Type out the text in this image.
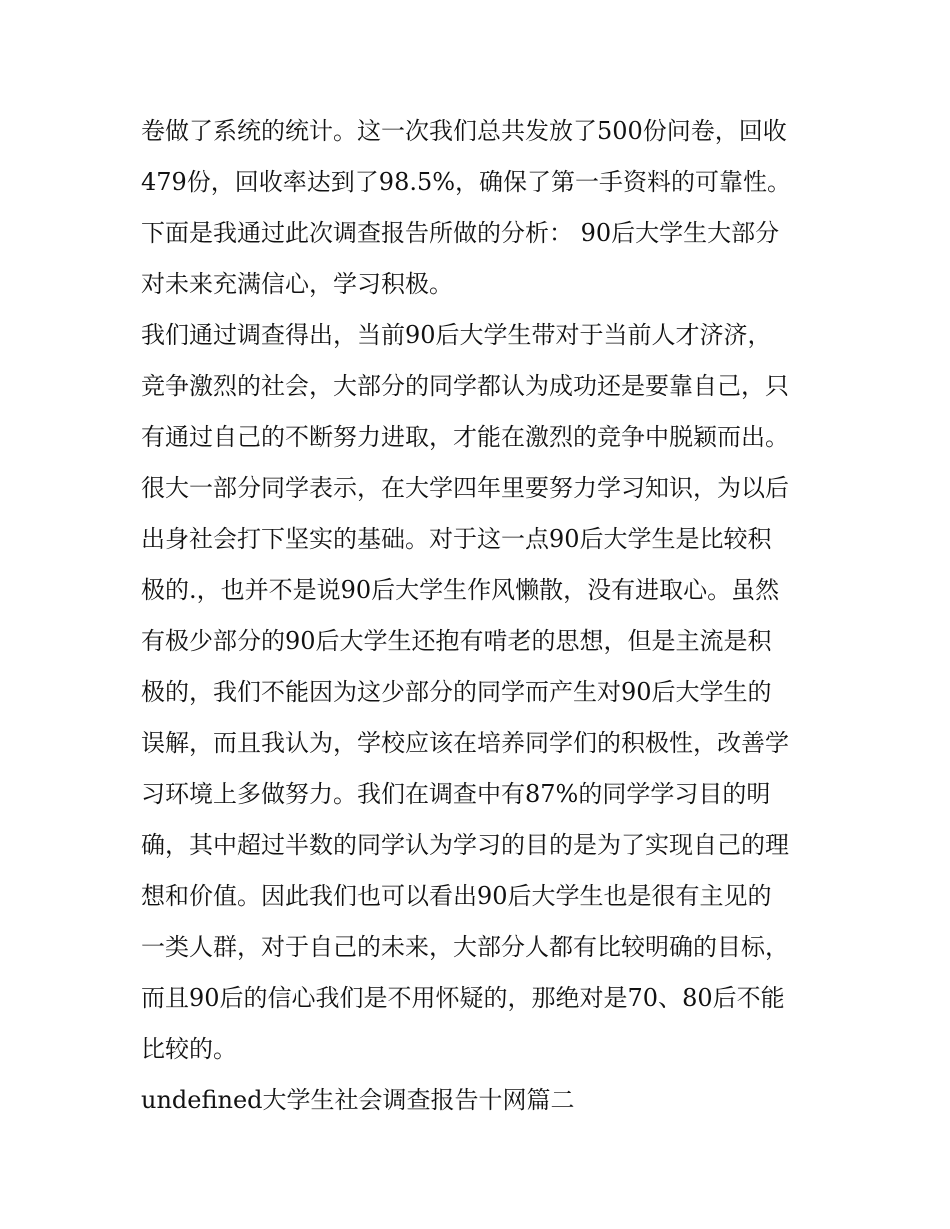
卷做了系统的统计。这一次我们总共发放了500份问卷，回收

479份，回收率达到了98.5%，确保了第一手资料的可靠性。

下面是我通过此次调查报告所做的分析： 90后大学生大部分

对未来充满信心，学习积极。

我们通过调查得出，当前90后大学生带对于当前人才济济，

竞争激烈的社会，大部分的同学都认为成功还是要靠自己，只

有通过自己的不断努力进取，才能在激烈的竞争中脱颖而出。

很大一部分同学表示，在大学四年里要努力学习知识，为以后

出身社会打下坚实的基础。对于这一点90后大学生是比较积

极的.，也并不是说90后大学生作风懒散，没有进取心。虽然

有极少部分的90后大学生还抱有啃老的思想，但是主流是积

极的，我们不能因为这少部分的同学而产生对90后大学生的

误解，而且我认为，学校应该在培养同学们的积极性，改善学

习环境上多做努力。我们在调查中有87%的同学学习目的明

确，其中超过半数的同学认为学习的目的是为了实现自己的理

想和价值。因此我们也可以看出90后大学生也是很有主见的

一类人群，对于自己的未来，大部分人都有比较明确的目标，

而且90后的信心我们是不用怀疑的，那绝对是70、80后不能

比较的。

undefined大学生社会调查报告十网篇二
